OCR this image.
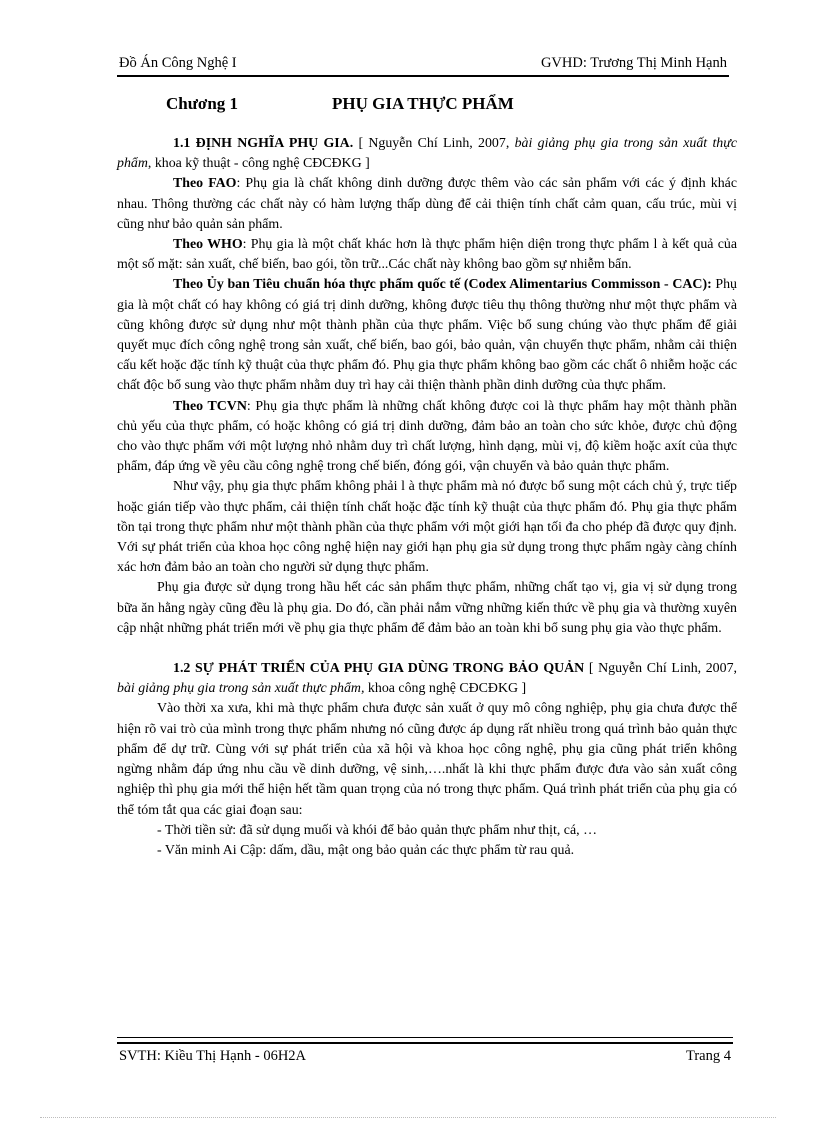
Đồ Án Công Nghệ I	GVHD: Trương Thị Minh Hạnh
Chương 1	PHỤ GIA THỰC PHẨM

1.1 ĐỊNH NGHĨA PHỤ GIA. [ Nguyễn Chí Linh, 2007, bài giảng phụ gia trong sản xuất thực phẩm, khoa kỹ thuật - công nghệ CĐCĐKG ]

Theo FAO: Phụ gia là chất không dinh dưỡng được thêm vào các sản phẩm với các ý định khác nhau. Thông thường các chất này có hàm lượng thấp dùng để cải thiện tính chất cảm quan, cấu trúc, mùi vị cũng như bảo quản sản phẩm.

Theo WHO: Phụ gia là một chất khác hơn là thực phẩm hiện diện trong thực phẩm l à kết quả của một số mặt: sản xuất, chế biến, bao gói, tồn trữ...Các chất này không bao gồm sự nhiễm bẩn.

Theo Ủy ban Tiêu chuẩn hóa thực phẩm quốc tế (Codex Alimentarius Commisson - CAC): Phụ gia là một chất có hay không có giá trị dinh dưỡng, không được tiêu thụ thông thường như một thực phẩm và cũng không được sử dụng như một thành phần của thực phẩm. Việc bổ sung chúng vào thực phẩm để giải quyết mục đích công nghệ trong sản xuất, chế biến, bao gói, bảo quản, vận chuyển thực phẩm, nhằm cải thiện cấu kết hoặc đặc tính kỹ thuật của thực phẩm đó. Phụ gia thực phẩm không bao gồm các chất ô nhiễm hoặc các chất độc bổ sung vào thực phẩm nhằm duy trì hay cải thiện thành phần dinh dưỡng của thực phẩm.

Theo TCVN: Phụ gia thực phẩm là những chất không được coi là thực phẩm hay một thành phần chủ yếu của thực phẩm, có hoặc không có giá trị dinh dưỡng, đảm bảo an toàn cho sức khỏe, được chủ động cho vào thực phẩm với một lượng nhỏ nhằm duy trì chất lượng, hình dạng, mùi vị, độ kiềm hoặc axít của thực phẩm, đáp ứng về yêu cầu công nghệ trong chế biến, đóng gói, vận chuyển và bảo quản thực phẩm.

Như vậy, phụ gia thực phẩm không phải l à thực phẩm mà nó được bổ sung một cách chủ ý, trực tiếp hoặc gián tiếp vào thực phẩm, cải thiện tính chất hoặc đặc tính kỹ thuật của thực phẩm đó. Phụ gia thực phẩm tồn tại trong thực phẩm như một thành phần của thực phẩm với một giới hạn tối đa cho phép đã được quy định. Với sự phát triển của khoa học công nghệ hiện nay giới hạn phụ gia sử dụng trong thực phẩm ngày càng chính xác hơn đảm bảo an toàn cho người sử dụng thực phẩm.

Phụ gia được sử dụng trong hầu hết các sản phẩm thực phẩm, những chất tạo vị, gia vị sử dụng trong bữa ăn hằng ngày cũng đều là phụ gia. Do đó, cần phải nắm vững những kiến thức về phụ gia và thường xuyên cập nhật những phát triển mới về phụ gia thực phẩm để đảm bảo an toàn khi bổ sung phụ gia vào thực phẩm.

1.2 SỰ PHÁT TRIỂN CỦA PHỤ GIA DÙNG TRONG BẢO QUẢN [ Nguyễn Chí Linh, 2007, bài giảng phụ gia trong sản xuất thực phẩm, khoa công nghệ CĐCĐKG ]

Vào thời xa xưa, khi mà thực phẩm chưa được sản xuất ở quy mô công nghiệp, phụ gia chưa được thể hiện rõ vai trò của mình trong thực phẩm nhưng nó cũng được áp dụng rất nhiều trong quá trình bảo quản thực phẩm để dự trữ. Cùng với sự phát triển của xã hội và khoa học công nghệ, phụ gia cũng phát triển không ngừng nhằm đáp ứng nhu cầu về dinh dưỡng, vệ sinh,….nhất là khi thực phẩm được đưa vào sản xuất công nghiệp thì phụ gia mới thể hiện hết tầm quan trọng của nó trong thực phẩm. Quá trình phát triển của phụ gia có thể tóm tắt qua các giai đoạn sau:

- Thời tiền sử: đã sử dụng muối và khói để bảo quản thực phẩm như thịt, cá, …

- Văn minh Ai Cập: dấm, dầu, mật ong bảo quản các thực phẩm từ rau quả.

SVTH: Kiều Thị Hạnh - 06H2A	Trang 4
